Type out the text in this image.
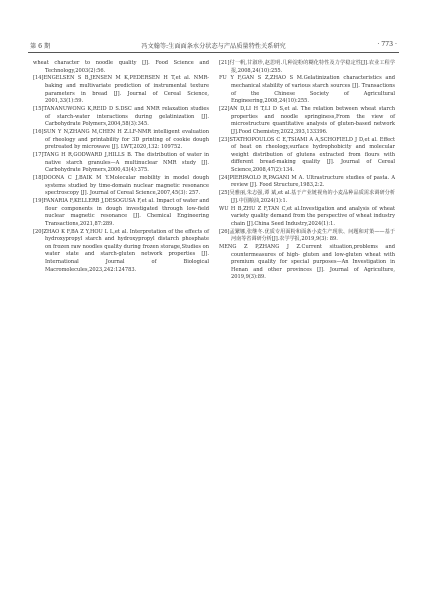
第 6 期	冯文翰等:生面面条水分状态与产品质量特性关系研究	· 773 ·

wheat character to noodle quality [J]. Food Science and Technology,2003(2):56.

[14]ENGELSEN S B,JENSEN M K,PEDERSEN H T,et al. NMR-baking and multivariate prediction of instrumental texture parameters in bread [J]. Journal of Cereal Science, 2001,33(1):59.

[15]TANANUWONG K,REID D S.DSC and NMR relaxation studies of starch-water interactions during gelatinization [J]. Carbohydrate Polymers,2004,58(3):345.

[16]SUN Y N,ZHANG M,CHEN H Z.LF-NMR intelligent evaluation of rheology and printability for 3D printing of cookie dough pretreated by microwave [J]. LWT,2020,132: 109752.

[17]TANG H R,GODWARD J,HILLS B. The distribution of water in native starch granules—A multinuclear NMR study [J]. Carbohydrate Polymers,2000,43(4):375.

[18]DOONA C J,BAIK M Y.Molecular mobility in model dough systems studied by time-domain nuclear magnetic resonance spectroscopy [J]. Journal of Cereal Science,2007,45(3): 257.

[19]FANARIA F,KELLERB J,DESOGUSA F,et al. Impact of water and flour components in dough investigated through low-field nuclear magnetic resonance [J]. Chemical Engineering Transactions,2021,87:289.

[20]ZHAO K F,BA Z Y,HOU L L,et al. Interpretation of the effects of hydroxypropyl starch and hydroxypropyl distarch phosphate on frozen raw noodles quality during frozen storage,Studies on water state and starch-gluten network properties [J]. International Journal of Biological Macromolecules,2023,242:124783.

[21]付一帆,甘淑珍,赵思明.几种淀粉的糊化特性及力学稳定性[J].农业工程学报,2008,24(10):255.

FU Y F,GAN S Z,ZHAO S M.Gelatinization characteristics and mechanical stability of various starch sources [J]. Transactions of the Chinese Society of Agricultural Engineering,2008,24(10):255.

[22]AN D,LI H T,LI D S,et al. The relation between wheat starch properties and noodle springiness,From the view of microstructure quantitative analysis of gluten-based network [J].Food Chemistry,2022,393,133396.

[23]STATHOPOULOS C E,TSIAMI A A,SCHOFIELD J D,et al. Effect of heat on rheology,surface hydrophobicity and molecular weight distribution of glutens extracted from flours with different bread-making quality [J]. Journal of Cereal Science,2008,47(2):134.

[24]PIERPAOLO R,PAGANI M A. Ultrastructure studies of pasta. A review [J]. Food Structure,1983,2:2.

[25]吴雅丽,朱志强,谭 斌,et al.基于产业链视角的小麦品种品质需求调研分析[J].中国粮油,2024(1):1.

WU H B,ZHU Z F,TAN C,et al.Investigation and analysis of wheat variety quality demand from the perspective of wheat industry chain [J].China Seed Industry,2024(1):1.

[26]孟繁娜,张继冬.优质专用面粉和面条小麦生产现状、问题和对策——基于河南等省调研分析[J].农学学报,2019,9(3): 89.

MENG Z P,ZHANG J Z.Current situation,problems and countermeasures of high- gluten and low-gluten wheat with premium quality for special purposes—An Investigation in Henan and other provinces [J]. Journal of Agriculture, 2019,9(3):89.
